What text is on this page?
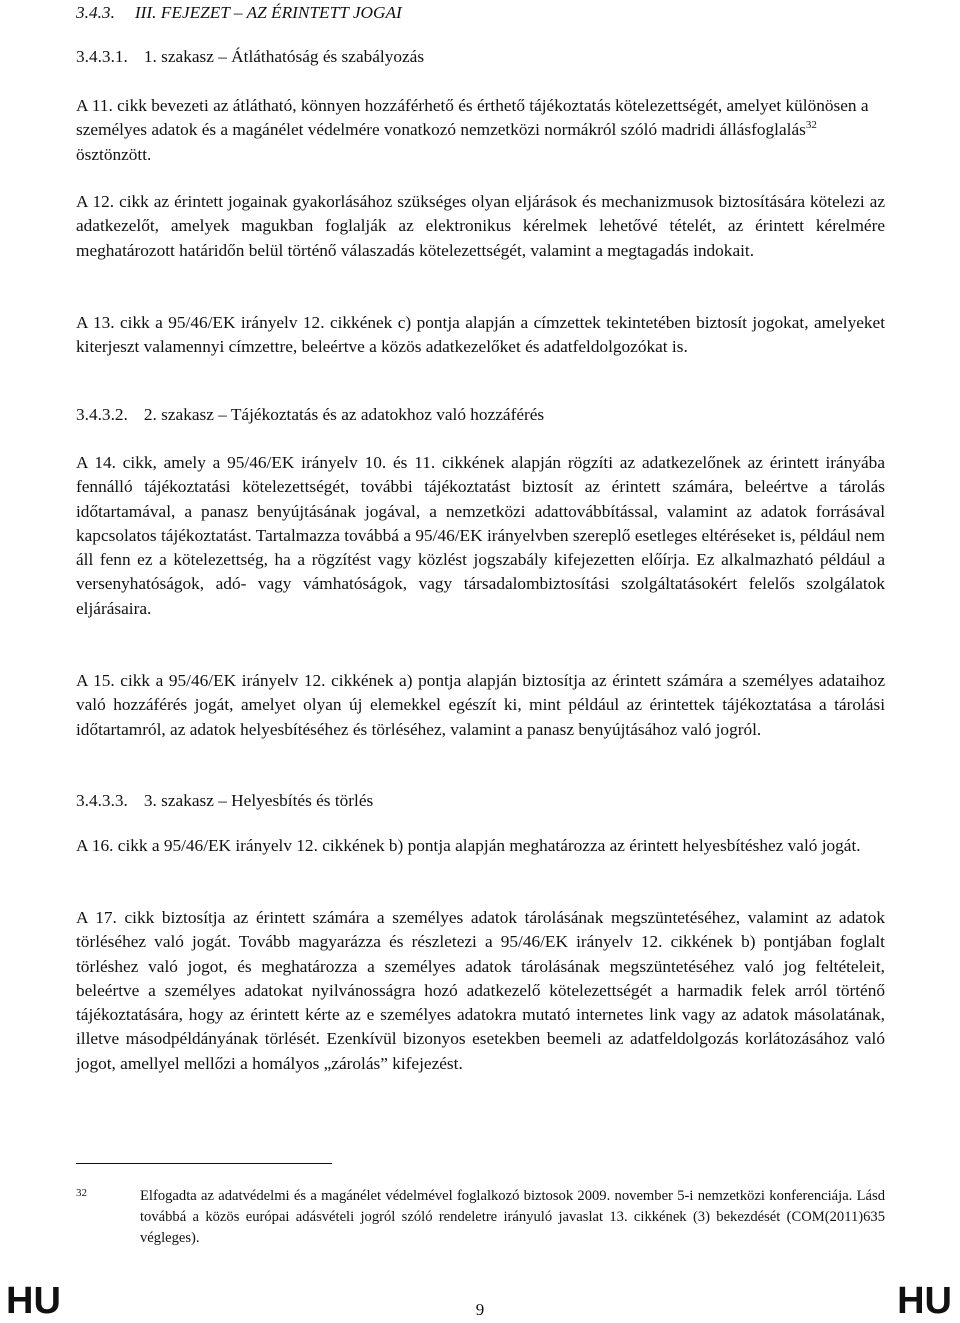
3.4.3. III. FEJEZET – AZ ÉRINTETT JOGAI

3.4.3.1. 1. szakasz – Átláthatóság és szabályozás

A 11. cikk bevezeti az átlátható, könnyen hozzáférhető és érthető tájékoztatás kötelezettségét, amelyet különösen a személyes adatok és a magánélet védelmére vonatkozó nemzetközi normákról szóló madridi állásfoglalás$^{32}$ ösztönzött.

A 12. cikk az érintett jogainak gyakorlásához szükséges olyan eljárások és mechanizmusok biztosítására kötelezi az adatkezelőt, amelyek magukban foglalják az elektronikus kérelmek lehetővé tételét, az érintett kérelmére meghatározott határidőn belül történő válaszadás kötelezettségét, valamint a megtagadás indokait.

A 13. cikk a 95/46/EK irányelv 12. cikkének c) pontja alapján a címzettek tekintetében biztosít jogokat, amelyeket kiterjeszt valamennyi címzettre, beleértve a közös adatkezelőket és adatfeldolgozókat is.

3.4.3.2. 2. szakasz – Tájékoztatás és az adatokhoz való hozzáférés

A 14. cikk, amely a 95/46/EK irányelv 10. és 11. cikkének alapján rögzíti az adatkezelőnek az érintett irányába fennálló tájékoztatási kötelezettségét, további tájékoztatást biztosít az érintett számára, beleértve a tárolás időtartamával, a panasz benyújtásának jogával, a nemzetközi adattovábbítással, valamint az adatok forrásával kapcsolatos tájékoztatást. Tartalmazza továbbá a 95/46/EK irányelvben szereplő esetleges eltéréseket is, például nem áll fenn ez a kötelezettség, ha a rögzítést vagy közlést jogszabály kifejezetten előírja. Ez alkalmazható például a versenyhatóságok, adó- vagy vámhatóságok, vagy társadalombiztosítási szolgáltatásokért felelős szolgálatok eljárásaira.

A 15. cikk a 95/46/EK irányelv 12. cikkének a) pontja alapján biztosítja az érintett számára a személyes adataihoz való hozzáférés jogát, amelyet olyan új elemekkel egészít ki, mint például az érintettek tájékoztatása a tárolási időtartamról, az adatok helyesbítéséhez és törléséhez, valamint a panasz benyújtásához való jogról.

3.4.3.3. 3. szakasz – Helyesbítés és törlés

A 16. cikk a 95/46/EK irányelv 12. cikkének b) pontja alapján meghatározza az érintett helyesbítéshez való jogát.

A 17. cikk biztosítja az érintett számára a személyes adatok tárolásának megszüntetéséhez, valamint az adatok törléséhez való jogát. Tovább magyarázza és részletezi a 95/46/EK irányelv 12. cikkének b) pontjában foglalt törléshez való jogot, és meghatározza a személyes adatok tárolásának megszüntetéséhez való jog feltételeit, beleértve a személyes adatokat nyilvánosságra hozó adatkezelő kötelezettségét a harmadik felek arról történő tájékoztatására, hogy az érintett kérte az e személyes adatokra mutató internetes link vagy az adatok másolatának, illetve másodpéldányának törlését. Ezenkívül bizonyos esetekben beemeli az adatfeldolgozás korlátozásához való jogot, amellyel mellőzi a homályos „zárolás” kifejezést.

32	Elfogadta az adatvédelmi és a magánélet védelmével foglalkozó biztosok 2009. november 5-i nemzetközi konferenciája. Lásd továbbá a közös európai adásvételi jogról szóló rendeletre irányuló javaslat 13. cikkének (3) bekezdését (COM(2011)635 végleges).

HU	9	HU
